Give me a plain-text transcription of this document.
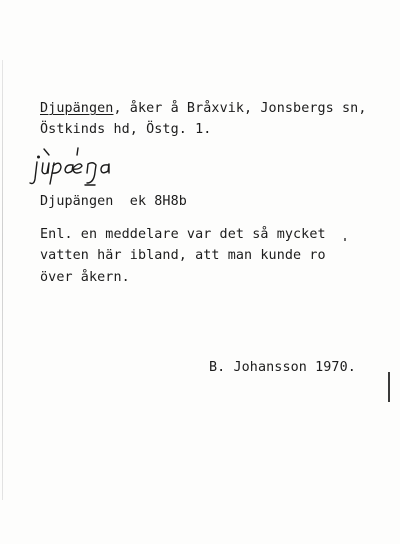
Djupängen, åker å Bråxvik, Jonsbergs sn,
Östkinds hd, Östg. 1.
Djupängen  ek 8H8b
Enl. en meddelare var det så mycket
vatten här ibland, att man kunde ro
över åkern.
B. Johansson 1970.
